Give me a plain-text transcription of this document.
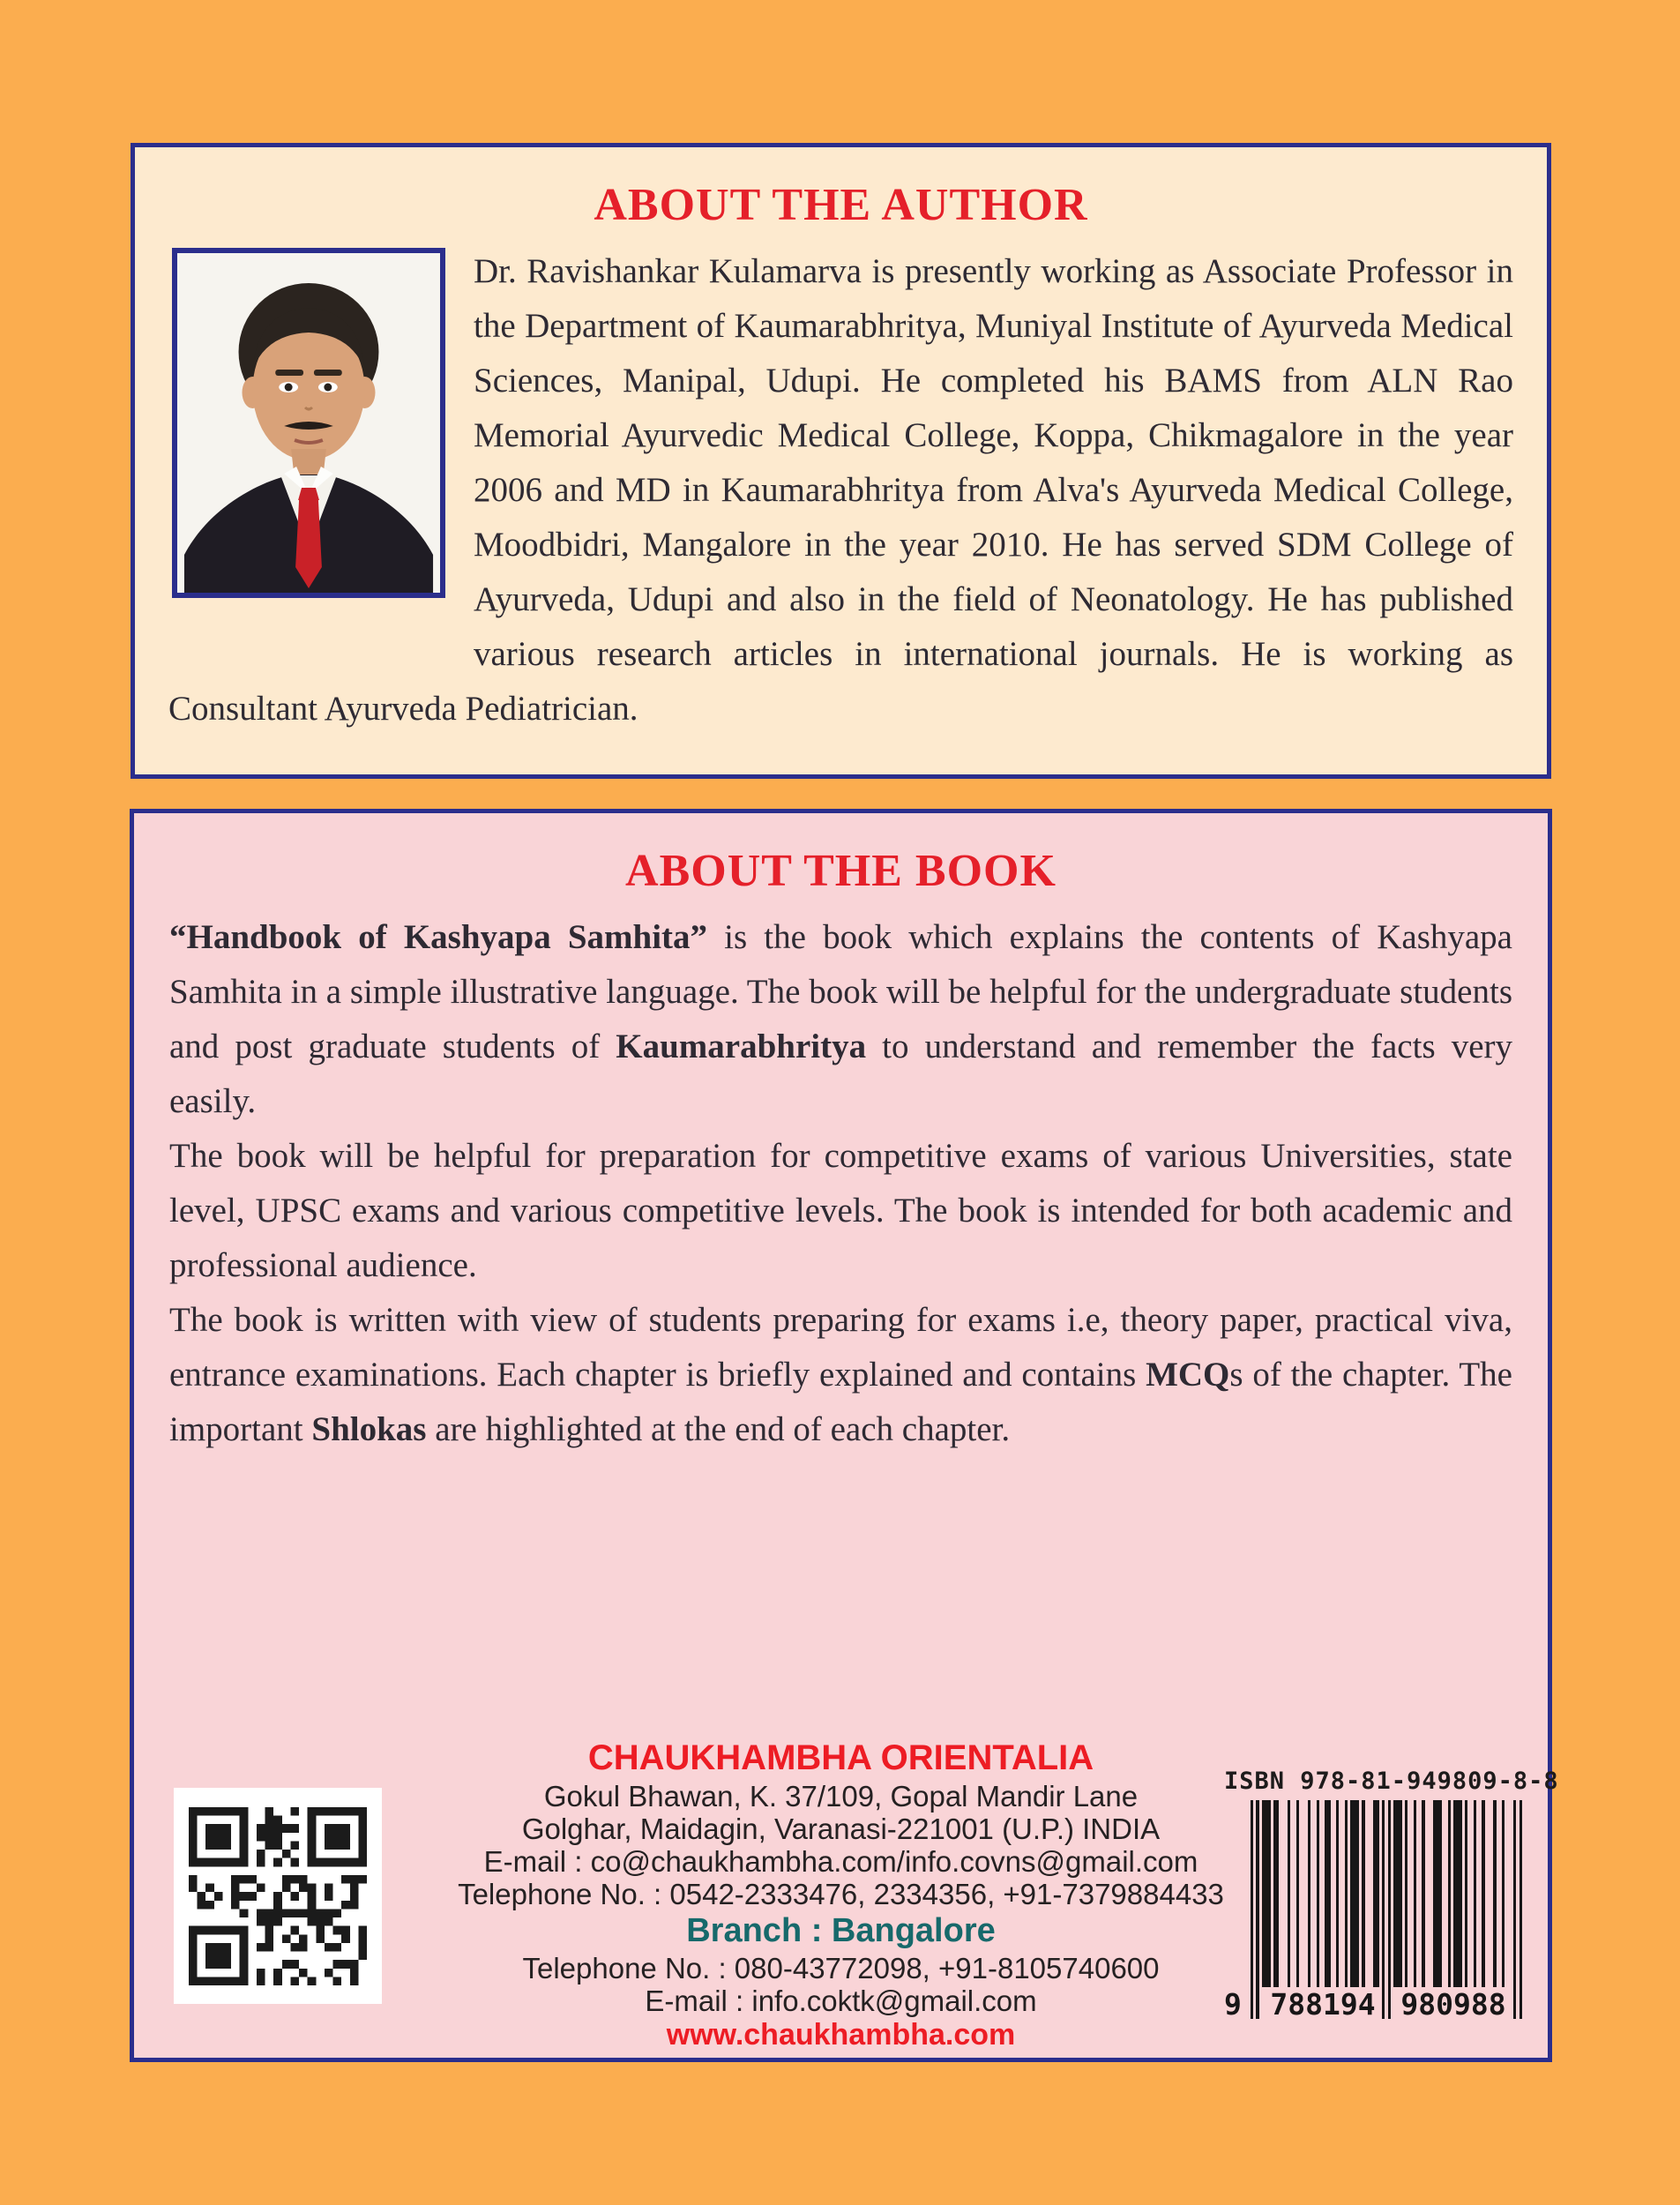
ABOUT THE AUTHOR
Dr. Ravishankar Kulamarva is presently working as Associate Professor in the Department of Kaumarabhritya, Muniyal Institute of Ayurveda Medical Sciences, Manipal, Udupi. He completed his BAMS from ALN Rao Memorial Ayurvedic Medical College, Koppa, Chikmagalore in the year 2006 and MD in Kaumarabhritya from Alva's Ayurveda Medical College, Moodbidri, Mangalore in the year 2010. He has served SDM College of Ayurveda, Udupi and also in the field of Neonatology. He has published various research articles in international journals. He is working as Consultant Ayurveda Pediatrician.
ABOUT THE BOOK

“Handbook of Kashyapa Samhita” is the book which explains the contents of Kashyapa Samhita in a simple illustrative language. The book will be helpful for the undergraduate students and post graduate students of Kaumarabhritya to understand and remember the facts very easily.

The book will be helpful for preparation for competitive exams of various Universities, state level, UPSC exams and various competitive levels. The book is intended for both academic and professional audience.

The book is written with view of students preparing for exams i.e, theory paper, practical viva, entrance examinations. Each chapter is briefly explained and contains MCQs of the chapter. The important Shlokas are highlighted at the end of each chapter.

CHAUKHAMBHA ORIENTALIA
Gokul Bhawan, K. 37/109, Gopal Mandir Lane
Golghar, Maidagin, Varanasi-221001 (U.P.) INDIA
E-mail : co@chaukhambha.com/info.covns@gmail.com
Telephone No. : 0542-2333476, 2334356, +91-7379884433
Branch : Bangalore
Telephone No. : 080-43772098, +91-8105740600
E-mail : info.coktk@gmail.com
www.chaukhambha.com
ISBN 978-81-949809-8-8
9 788194 980988
